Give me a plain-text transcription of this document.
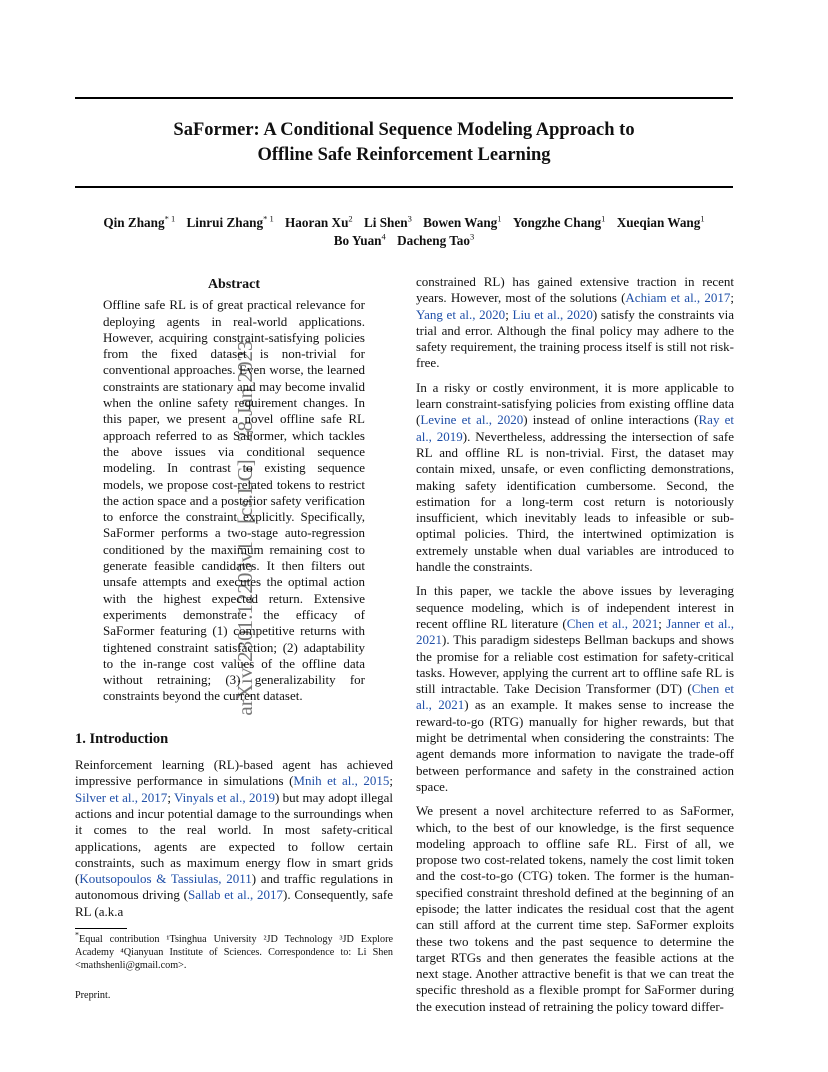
SaFormer: A Conditional Sequence Modeling Approach to
Offline Safe Reinforcement Learning
Qin Zhang$^{* 1}$ Linrui Zhang$^{* 1}$ Haoran Xu$^2$ Li Shen$^3$ Bowen Wang$^1$ Yongzhe Chang$^1$ Xueqian Wang$^1$
Bo Yuan$^4$ Dacheng Tao$^3$
arXiv:2301.12203v1 [cs.LG] 28 Jan 2023
Abstract

Offline safe RL is of great practical relevance for deploying agents in real-world applications. However, acquiring constraint-satisfying policies from the fixed dataset is non-trivial for conventional approaches. Even worse, the learned constraints are stationary and may become invalid when the online safety requirement changes. In this paper, we present a novel offline safe RL approach referred to as SaFormer, which tackles the above issues via conditional sequence modeling. In contrast to existing sequence models, we propose cost-related tokens to restrict the action space and a posterior safety verification to enforce the constraint explicitly. Specifically, SaFormer performs a two-stage auto-regression conditioned by the maximum remaining cost to generate feasible candidates. It then filters out unsafe attempts and executes the optimal action with the highest expected return. Extensive experiments demonstrate the efficacy of SaFormer featuring (1) competitive returns with tightened constraint satisfaction; (2) adaptability to the in-range cost values of the offline data without retraining; (3) generalizability for constraints beyond the current dataset.

1. Introduction

Reinforcement learning (RL)-based agent has achieved impressive performance in simulations (Mnih et al., 2015; Silver et al., 2017; Vinyals et al., 2019) but may adopt illegal actions and incur potential damage to the surroundings when it comes to the real world. In most safety-critical applications, agents are expected to follow certain constraints, such as maximum energy flow in smart grids (Koutsopoulos & Tassiulas, 2011) and traffic regulations in autonomous driving (Sallab et al., 2017). Consequently, safe RL (a.k.a

*Equal contribution ¹Tsinghua University ²JD Technology ³JD Explore Academy ⁴Qianyuan Institute of Sciences. Correspondence to: Li Shen <mathshenli@gmail.com>.
Preprint.

constrained RL) has gained extensive traction in recent years. However, most of the solutions (Achiam et al., 2017; Yang et al., 2020; Liu et al., 2020) satisfy the constraints via trial and error. Although the final policy may adhere to the safety requirement, the training process itself is still not risk-free.

In a risky or costly environment, it is more applicable to learn constraint-satisfying policies from existing offline data (Levine et al., 2020) instead of online interactions (Ray et al., 2019). Nevertheless, addressing the intersection of safe RL and offline RL is non-trivial. First, the dataset may contain mixed, unsafe, or even conflicting demonstrations, making safety identification cumbersome. Second, the estimation for a long-term cost return is notoriously insufficient, which inevitably leads to infeasible or sub-optimal policies. Third, the intertwined optimization is extremely unstable when dual variables are introduced to handle the constraints.

In this paper, we tackle the above issues by leveraging sequence modeling, which is of independent interest in recent offline RL literature (Chen et al., 2021; Janner et al., 2021). This paradigm sidesteps Bellman backups and shows the promise for a reliable cost estimation for safety-critical tasks. However, applying the current art to offline safe RL is still intractable. Take Decision Transformer (DT) (Chen et al., 2021) as an example. It makes sense to increase the reward-to-go (RTG) manually for higher rewards, but that might be detrimental when considering the constraints: The agent demands more information to navigate the trade-off between performance and safety in the constrained action space.

We present a novel architecture referred to as SaFormer, which, to the best of our knowledge, is the first sequence modeling approach to offline safe RL. First of all, we propose two cost-related tokens, namely the cost limit token and the cost-to-go (CTG) token. The former is the human-specified constraint threshold defined at the beginning of an episode; the latter indicates the residual cost that the agent can still afford at the current time step. SaFormer exploits these two tokens and the past sequence to determine the target RTGs and then generates the feasible actions at the next stage. Another attractive benefit is that we can treat the specific threshold as a flexible prompt for SaFormer during the execution instead of retraining the policy toward differ-
